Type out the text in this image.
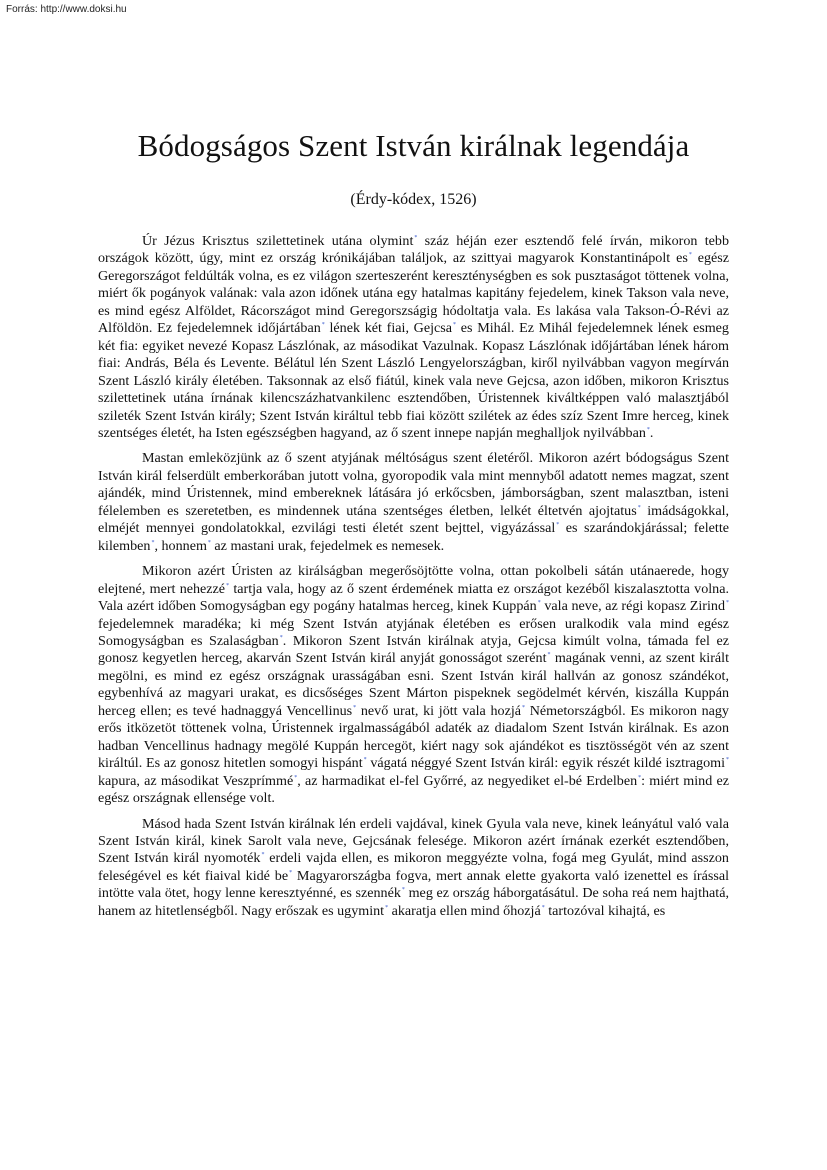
Forrás: http://www.doksi.hu
Bódogságos Szent István királnak legendája
(Érdy-kódex, 1526)

Úr Jézus Krisztus szilettetinek utána olymint* száz héján ezer esztendő felé írván, mikoron tebb országok között, úgy, mint ez ország krónikájában találjok, az szittyai magyarok Konstantinápolt es* egész Geregországot feldúlták volna, es ez világon szerteszerént kereszténységben es sok pusztaságot töttenek volna, miért ők pogányok valának: vala azon időnek utána egy hatalmas kapitány fejedelem, kinek Takson vala neve, es mind egész Alföldet, Rácországot mind Geregorszságig hódoltatja vala. Es lakása vala Takson-Ó-Révi az Alföldön. Ez fejedelemnek időjártában* lének két fiai, Gejcsa* es Mihál. Ez Mihál fejedelemnek lének esmeg két fia: egyiket nevezé Kopasz Lászlónak, az másodikat Vazulnak. Kopasz Lászlónak időjártában lének három fiai: András, Béla és Levente. Bélátul lén Szent László Lengyelországban, kiről nyilvábban vagyon megírván Szent László király életében. Taksonnak az első fiátúl, kinek vala neve Gejcsa, azon időben, mikoron Krisztus szilettetinek utána írnának kilencszázhatvankilenc esztendőben, Úristennek kiváltképpen való malasztjából szileték Szent István király; Szent István királtul tebb fiai között szilétek az édes szíz Szent Imre herceg, kinek szentséges életét, ha Isten egészségben hagyand, az ő szent innepe napján meghalljok nyilvábban*.

Mastan emleközjünk az ő szent atyjának méltóságus szent életéről. Mikoron azért bódogságus Szent István királ felserdült emberkorában jutott volna, gyoropodik vala mint mennyből adatott nemes magzat, szent ajándék, mind Úristennek, mind embereknek látására jó erkőcsben, jámborságban, szent malasztban, isteni félelemben es szeretetben, es mindennek utána szentséges életben, lelkét éltetvén ajojtatus* imádságokkal, elméjét mennyei gondolatokkal, ezvilági testi életét szent bejttel, vigyázással* es szarándokjárással; felette kilemben*, honnem* az mastani urak, fejedelmek es nemesek.

Mikoron azért Úristen az királságban megerősöjtötte volna, ottan pokolbeli sátán utánaerede, hogy elejtené, mert nehezzé* tartja vala, hogy az ő szent érdemének miatta ez országot kezéből kiszalasztotta volna. Vala azért időben Somogyságban egy pogány hatalmas herceg, kinek Kuppán* vala neve, az régi kopasz Zirind* fejedelemnek maradéka; ki még Szent István atyjának életében es erősen uralkodik vala mind egész Somogyságban es Szalaságban*. Mikoron Szent István királnak atyja, Gejcsa kimúlt volna, támada fel ez gonosz kegyetlen herceg, akarván Szent István királ anyját gonosságot szerént* magának venni, az szent királt megölni, es mind ez egész országnak urasságában esni. Szent István királ hallván az gonosz szándékot, egybenhívá az magyari urakat, es dicsőséges Szent Márton pispeknek segödelmét kérvén, kiszálla Kuppán herceg ellen; es tevé hadnaggyá Vencellinus* nevő urat, ki jött vala hozjá* Németországból. Es mikoron nagy erős itközetöt töttenek volna, Úristennek irgalmasságából adaték az diadalom Szent István királnak. Es azon hadban Vencellinus hadnagy megölé Kuppán hercegöt, kiért nagy sok ajándékot es tisztösségöt vén az szent királtúl. Es az gonosz hitetlen somogyi hispánt* vágatá néggyé Szent István királ: egyik részét kildé isztragomi* kapura, az másodikat Veszprímmé*, az harmadikat el-fel Győrré, az negyediket el-bé Erdelben*: miért mind ez egész országnak ellensége volt.

Másod hada Szent István királnak lén erdeli vajdával, kinek Gyula vala neve, kinek leányátul való vala Szent István királ, kinek Sarolt vala neve, Gejcsának felesége. Mikoron azért írnának ezerkét esztendőben, Szent István királ nyomoték* erdeli vajda ellen, es mikoron meggyézte volna, fogá meg Gyulát, mind asszon feleségével es két fiaival kidé be* Magyarországba fogva, mert annak elette gyakorta való izenettel es írással intötte vala ötet, hogy lenne keresztyénné, es szennék* meg ez ország háborgatásátul. De soha reá nem hajthatá, hanem az hitetlenségből. Nagy erőszak es ugymint* akaratja ellen mind őhozjá* tartozóval kihajtá, es
